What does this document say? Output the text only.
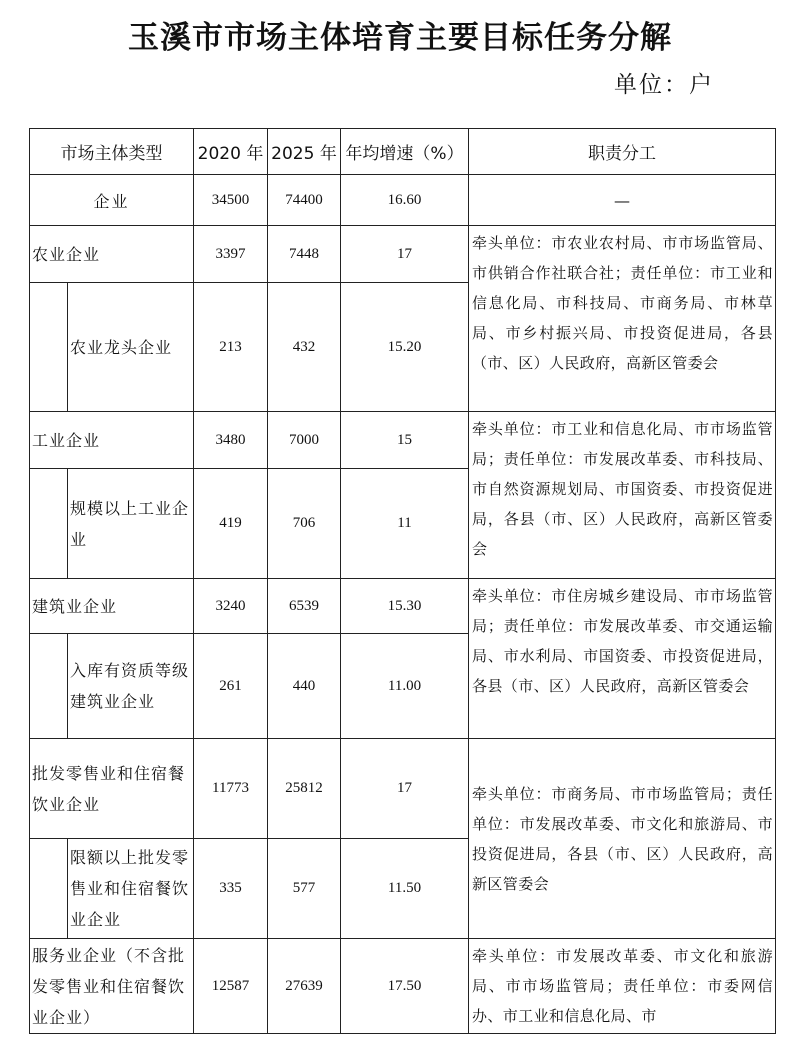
玉溪市市场主体培育主要目标任务分解
单位：户
市场主体类型		2020 年	2025 年	年均增速（%）	职责分工
企业		34500	74400	16.60	—
农业企业		3397	7448	17	牵头单位：市农业农村局、市市场监管局、市供销合作社联合社；责任单位：市工业和信息化局、市科技局、市商务局、市林草局、市乡村振兴局、市投资促进局，各县（市、区）人民政府，高新区管委会
	农业龙头企业	213	432	15.20	
工业企业		3480	7000	15	牵头单位：市工业和信息化局、市市场监管局；责任单位：市发展改革委、市科技局、市自然资源规划局、市国资委、市投资促进局，各县（市、区）人民政府，高新区管委会
	规模以上工业企业	419	706	11	
建筑业企业		3240	6539	15.30	牵头单位：市住房城乡建设局、市市场监管局；责任单位：市发展改革委、市交通运输局、市水利局、市国资委、市投资促进局，各县（市、区）人民政府，高新区管委会
	入库有资质等级建筑业企业	261	440	11.00	
批发零售业和住宿餐饮业企业		11773	25812	17	牵头单位：市商务局、市市场监管局；责任单位：市发展改革委、市文化和旅游局、市投资促进局，各县（市、区）人民政府，高新区管委会
	限额以上批发零售业和住宿餐饮业企业	335	577	11.50	
服务业企业（不含批发零售业和住宿餐饮业企业）		12587	27639	17.50	牵头单位：市发展改革委、市文化和旅游局、市市场监管局；责任单位：市委网信办、市工业和信息化局、市
